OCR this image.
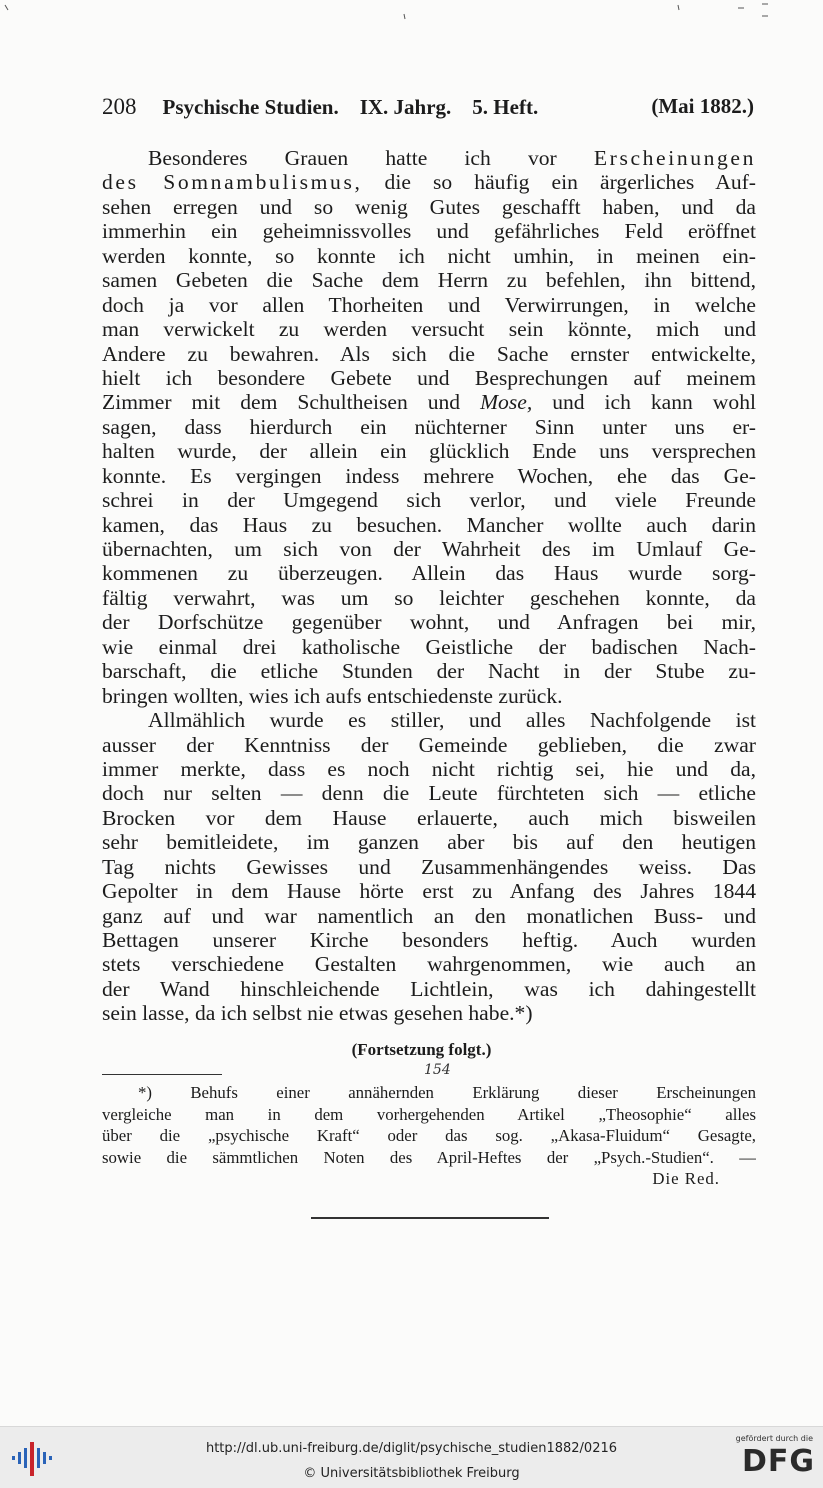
208 Psychische Studien. IX. Jahrg. 5. Heft.	(Mai 1882.)

Besonderes Grauen hatte ich vor Erscheinungen
des Somnambulismus, die so häufig ein ärgerliches Auf-
sehen erregen und so wenig Gutes geschafft haben, und da
immerhin ein geheimnissvolles und gefährliches Feld eröffnet
werden konnte, so konnte ich nicht umhin, in meinen ein-
samen Gebeten die Sache dem Herrn zu befehlen, ihn bittend,
doch ja vor allen Thorheiten und Verwirrungen, in welche
man verwickelt zu werden versucht sein könnte, mich und
Andere zu bewahren. Als sich die Sache ernster entwickelte,
hielt ich besondere Gebete und Besprechungen auf meinem
Zimmer mit dem Schultheisen und Mose, und ich kann wohl
sagen, dass hierdurch ein nüchterner Sinn unter uns er-
halten wurde, der allein ein glücklich Ende uns versprechen
konnte. Es vergingen indess mehrere Wochen, ehe das Ge-
schrei in der Umgegend sich verlor, und viele Freunde
kamen, das Haus zu besuchen. Mancher wollte auch darin
übernachten, um sich von der Wahrheit des im Umlauf Ge-
kommenen zu überzeugen. Allein das Haus wurde sorg-
fältig verwahrt, was um so leichter geschehen konnte, da
der Dorfschütze gegenüber wohnt, und Anfragen bei mir,
wie einmal drei katholische Geistliche der badischen Nach-
barschaft, die etliche Stunden der Nacht in der Stube zu-
bringen wollten, wies ich aufs entschiedenste zurück.

Allmählich wurde es stiller, und alles Nachfolgende ist
ausser der Kenntniss der Gemeinde geblieben, die zwar
immer merkte, dass es noch nicht richtig sei, hie und da,
doch nur selten — denn die Leute fürchteten sich — etliche
Brocken vor dem Hause erlauerte, auch mich bisweilen
sehr bemitleidete, im ganzen aber bis auf den heutigen
Tag nichts Gewisses und Zusammenhängendes weiss. Das
Gepolter in dem Hause hörte erst zu Anfang des Jahres 1844
ganz auf und war namentlich an den monatlichen Buss- und
Bettagen unserer Kirche besonders heftig. Auch wurden
stets verschiedene Gestalten wahrgenommen, wie auch an
der Wand hinschleichende Lichtlein, was ich dahingestellt
sein lasse, da ich selbst nie etwas gesehen habe.*)

(Fortsetzung folgt.)
154
*) Behufs einer annähernden Erklärung dieser Erscheinungen
vergleiche man in dem vorhergehenden Artikel „Theosophie“ alles
über die „psychische Kraft“ oder das sog. „Akasa-Fluidum“ Gesagte,
sowie die sämmtlichen Noten des April-Heftes der „Psych.-Studien“. —
Die Red.
http://dl.ub.uni-freiburg.de/diglit/psychische_studien1882/0216
© Universitätsbibliothek Freiburg
gefördert durch die
DFG
